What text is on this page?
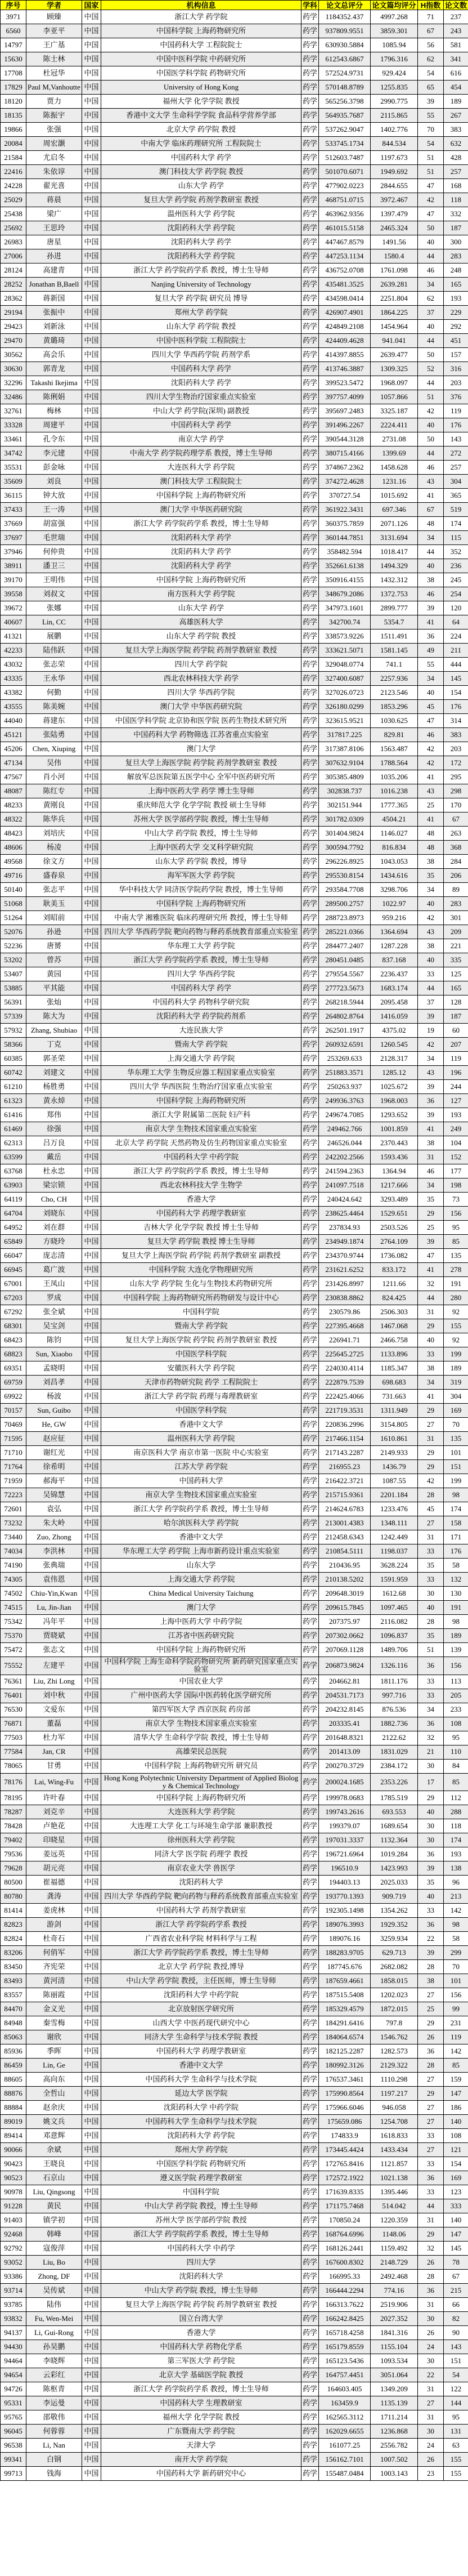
序号	学者	国家	机构信息	学科	论文总评分	论文篇均评分	H指数	论文数
3971	顾臻	中国	浙江大学 药学院	药学	1184352.437	4997.268	71	237
6560	李亚平	中国	中国科学院 上海药物研究所	药学	937809.9551	3859.301	67	243
14797	王广基	中国	中国药科大学 工程院院士	药学	630930.5884	1085.94	56	581
15630	陈士林	中国	中国中医科学院 中药研究所	药学	612543.6867	1796.316	62	341
17708	杜冠华	中国	中国医学科学院 药物研究所	药学	572524.9731	929.424	54	616
17829	Paul M,Vanhoutte	中国	University of Hong Kong	药学	570148.8789	1255.835	65	454
18120	贾力	中国	福州大学 化学学院 教授	药学	565256.3798	2990.775	39	189
18135	陈振宇	中国	香港中文大学 生命科学学院 食品科学营养学部	药学	564935.7687	2115.865	55	267
19866	张强	中国	北京大学 药学院 教授	药学	537262.9047	1402.776	70	383
20084	周宏灏	中国	中南大学 临床药理研究所 工程院院士	药学	533745.1734	844.534	54	632
21584	尤启冬	中国	中国药科大学 药学	药学	512603.7487	1197.673	51	428
22416	朱依谆	中国	澳门科技大学 药学院 教授	药学	501070.6071	1949.692	51	257
24228	翟光喜	中国	山东大学 药学	药学	477902.0223	2844.655	47	168
25029	蒋晨	中国	复旦大学 药学院 药剂学教研室 教授	药学	468751.0715	3972.467	42	118
25438	梁广	中国	温州医科大学 药学院	药学	463962.9356	1397.479	47	332
25692	王思玲	中国	沈阳药科大学 药学院	药学	461015.5158	2465.324	50	187
26983	唐星	中国	沈阳药科大学 药学	药学	447467.8579	1491.56	40	300
27006	孙进	中国	沈阳药科大学 药学院	药学	447253.1134	1580.4	44	283
28124	高建青	中国	浙江大学 药学院药学系 教授，博士生导师	药学	436752.0708	1761.098	46	248
28252	Jonathan B,Baell	中国	Nanjing University of Technology	药学	435481.3525	2639.281	34	165
28362	蒋新国	中国	复旦大学 药学院 研究员 博导	药学	434598.0414	2251.804	62	193
29194	张振中	中国	郑州大学 药学院	药学	426907.4901	1864.225	37	229
29423	刘新泳	中国	山东大学 药学院 教授	药学	424849.2108	1454.964	40	292
29470	黄璐琦	中国	中国中医科学院 工程院院士	药学	424409.4628	941.041	44	451
30562	高会乐	中国	四川大学 华西药学院 药剂学系	药学	414397.8855	2639.477	50	157
30630	郭青龙	中国	中国药科大学 药学	药学	413746.3887	1309.325	52	316
32296	Takashi Ikejima	中国	沈阳药科大学 药学	药学	399523.5472	1968.097	44	203
32486	陈俐娟	中国	四川大学生物治疗国家重点实验室	药学	397757.4099	1057.866	51	376
32761	梅林	中国	中山大学 药学院(深圳) 副教授	药学	395697.2483	3325.187	42	119
33328	周建平	中国	中国药科大学 药学	药学	391496.2267	2224.411	40	176
33461	孔令东	中国	南京大学 药学	药学	390544.3128	2731.08	50	143
34742	李元建	中国	中南大学 药学院药理学系 教授，博士生导师	药学	380715.4166	1399.69	44	272
35531	彭金咏	中国	大连医科大学 药学院	药学	374867.2362	1458.628	46	257
35609	刘良	中国	澳门科技大学 工程院院士	药学	374272.4628	1231.16	43	304
36115	钟大放	中国	中国科学院 上海药物研究所	药学	370727.54	1015.692	41	365
37433	王一涛	中国	澳门大学 中华医药研究院	药学	361922.3431	697.346	67	519
37669	胡富强	中国	浙江大学 药学院药学系 教授，博士生导师	药学	360375.7859	2071.126	48	174
37697	毛世瑞	中国	沈阳药科大学 药学	药学	360144.7851	3131.694	34	115
37946	何仲贵	中国	沈阳药科大学 药学	药学	358482.594	1018.417	44	352
38911	潘卫三	中国	沈阳药科大学 药学	药学	352661.6138	1494.329	40	236
39170	王明伟	中国	中国科学院 上海药物研究所	药学	350916.4155	1432.312	38	245
39558	刘叔文	中国	南方医科大学 药学院	药学	348679.2086	1372.753	46	254
39672	张娜	中国	山东大学 药学	药学	347973.1601	2899.777	39	120
40607	Lin, CC	中国	高雄医科大学	药学	342700.74	5354.7	41	64
41321	展鹏	中国	山东大学 药学院 教授	药学	338573.9226	1511.491	36	224
42233	陆伟跃	中国	复旦大学上海医学院 药学院 药剂学教研室 教授	药学	333621.5071	1581.145	49	211
43032	张志荣	中国	四川大学 药学院	药学	329048.0774	741.1	55	444
43335	王永华	中国	西北农林科技大学 药学	药学	327400.6087	2257.936	34	145
43382	何勤	中国	四川大学 华西药学院	药学	327026.0723	2123.546	40	154
43555	陈美婉	中国	澳门大学 中华医药研究院	药学	326180.0299	1853.296	45	176
44040	蒋建东	中国	中国医学科学院 北京协和医学院 医药生物技术研究所	药学	323615.9521	1030.625	47	314
45121	张陆勇	中国	中国药科大学 药物筛选 江苏省重点实验室	药学	317817.225	829.81	46	383
45206	Chen, Xiuping	中国	澳门大学	药学	317387.8106	1563.487	42	203
47134	吴伟	中国	复旦大学上海医学院 药学院 药剂学教研室 教授	药学	307632.9104	1788.564	42	172
47567	肖小河	中国	解放军总医院第五医学中心 全军中医药研究所	药学	305385.4809	1035.206	41	295
48087	陈红专	中国	上海中医药大学 药学 博士生导师	药学	302838.737	1016.238	43	298
48233	黄刚良	中国	重庆师范大学 化学学院 教授 硕士生导师	药学	302151.944	1777.365	25	170
48322	陈华兵	中国	苏州大学 医学部药学院 教授，博士生导师	药学	301782.0309	4504.21	41	67
48423	刘培庆	中国	中山大学 药学院 教授，博士生导师	药学	301404.9824	1146.027	48	263
48606	杨凌	中国	上海中医药大学 交叉科学研究院	药学	300594.7792	816.834	48	368
49568	徐文方	中国	山东大学 药学院 教授，博导	药学	296226.8925	1043.053	38	284
49716	盛春泉	中国	海军军医大学 药学院	药学	295530.8154	1434.616	35	206
50140	张志平	中国	华中科技大学 同济医学院药学院 教授，博士生导师	药学	293584.7708	3298.706	34	89
51068	耿美玉	中国	中国科学院 上海药物研究所	药学	289500.2757	1022.97	40	283
51264	刘昭前	中国	中南大学 湘雅医院 临床药理研究所 教授，博士生导师	药学	288723.8973	959.216	42	301
52076	孙逊	中国	四川大学 华西药学院 靶向药物与释药系统教育部重点实验室	药学	285221.0366	1364.694	43	209
52236	唐赟	中国	华东理工大学 药学院	药学	284477.2407	1287.228	38	221
53202	曾苏	中国	浙江大学 药学院药学系 教授，博士生导师	药学	280451.0485	837.168	40	335
53407	黄园	中国	四川大学 华西药学院	药学	279554.5567	2236.437	33	125
53885	平其能	中国	中国药科大学 药学	药学	277723.5673	1683.174	44	165
56391	张灿	中国	中国药科大学 药物科学研究院	药学	268218.5944	2095.458	37	128
57339	陈大为	中国	沈阳药科大学 药学院药剂系	药学	264802.8764	1416.059	39	187
57932	Zhang, Shubiao	中国	大连民族大学	药学	262501.1917	4375.02	19	60
58366	丁克	中国	暨南大学 药学院	药学	260932.6591	1260.545	42	207
60385	郭圣荣	中国	上海交通大学 药学院	药学	253269.633	2128.317	34	119
60742	刘建文	中国	华东理工大学 生物反应器工程国家重点实验室	药学	251883.3571	1285.12	43	196
61210	杨胜勇	中国	四川大学 华西医院 生物治疗国家重点实验室	药学	250263.937	1025.672	39	244
61323	黄永焯	中国	中国科学院 上海药物研究所	药学	249936.3763	1968.003	36	127
61416	郑伟	中国	浙江大学 附属第二医院 妇产科	药学	249674.7085	1293.652	39	193
61469	徐强	中国	南京大学 生物技术国家重点实验室	药学	249462.766	1001.859	41	249
62313	吕万良	中国	北京大学 药学院 天然药物及仿生药物国家重点实验室	药学	246526.044	2370.443	38	104
63599	戴岳	中国	中国药科大学 中药学院	药学	242202.2566	1593.436	31	152
63768	杜永忠	中国	浙江大学 药学院药学系 教授，博士生导师	药学	241594.2363	1364.94	46	177
63903	梁宗锁	中国	西北农林科技大学 生物学	药学	241097.7518	1217.666	34	198
64119	Cho, CH	中国	香港大学	药学	240424.642	3293.489	35	73
64704	刘晓东	中国	中国药科大学 药理学教研室	药学	238625.4464	1529.651	29	156
64952	刘在群	中国	吉林大学 化学学院 教授 博士生导师	药学	237834.93	2503.526	25	95
65849	方晓玲	中国	复旦大学 药学院 教授 博士生导师	药学	234949.1874	2764.109	39	85
66047	庞志清	中国	复旦大学上海医学院 药学院 药剂学教研室 副教授	药学	234370.9744	1736.082	47	135
66945	葛广波	中国	中国科学院 大连化学物理研究所	药学	231621.6252	833.172	41	278
67001	王凤山	中国	山东大学 药学院 生化与生物技术药物研究所	药学	231426.8997	1211.66	32	191
67203	罗成	中国	中国科学院 上海药物研究所药物研发与设计中心	药学	230838.8862	824.425	44	280
67292	张全斌	中国	中国科学院	药学	230579.86	2506.303	31	92
68301	吴宝剑	中国	暨南大学 药学院	药学	227395.4668	1467.068	29	155
68423	陈钧	中国	复旦大学上海医学院 药学院 药剂学教研室 教授	药学	226941.71	2466.758	40	92
68823	Sun, Xiaobo	中国	中国医学科学院	药学	225645.2725	1133.896	33	199
69351	孟晓明	中国	安徽医科大学 药学院	药学	224030.4114	1185.347	38	189
69759	刘昌孝	中国	天津市药物研究院 药学 工程院院士	药学	222879.7539	698.683	34	319
69922	杨波	中国	浙江大学 药学院 药理与毒理教研室	药学	222425.4066	731.663	41	304
70157	Sun, Guibo	中国	中国医学科学院	药学	221719.3531	1311.949	29	169
70469	He, GW	中国	香港中文大学	药学	220836.2996	3154.805	27	70
71595	赵应征	中国	温州医科大学 药学院	药学	217466.1154	1610.861	31	135
71710	谢红光	中国	南京医科大学 南京市第一医院 中心实验室	药学	217143.2287	2149.933	29	101
71764	徐希明	中国	江苏大学 药学院	药学	216955.23	1436.79	29	151
71959	郝海平	中国	中国药科大学	药学	216422.3721	1087.55	42	199
72223	吴锦慧	中国	南京大学 生物技术国家重点实验室	药学	215715.9361	2201.184	28	98
72601	袁弘	中国	浙江大学 药学院药学系 教授，博士生导师	药学	214624.6783	1233.476	45	174
73232	朱大岭	中国	哈尔滨医科大学 药学院	药学	213001.4383	1348.111	27	158
73440	Zuo, Zhong	中国	香港中文大学	药学	212458.6343	1242.449	31	171
74034	李洪林	中国	华东理工大学 药学院 上海市新药设计重点实验室	药学	210854.5111	1198.037	33	176
74190	张典瑞	中国	山东大学	药学	210436.95	3628.224	35	58
74305	袁伟恩	中国	上海交通大学 药学院	药学	210138.5202	1591.959	33	132
74502	Chiu-Yin,Kwan	中国	China Medical University Taichung	药学	209648.3019	1612.68	30	130
74515	Lu, Jin-Jian	中国	澳门大学	药学	209615.7845	1097.465	40	191
75342	冯年平	中国	上海中医药大学 中药学院	药学	207375.97	2116.082	28	98
75370	贾晓斌	中国	江苏省中医药研究院	药学	207302.0662	1096.837	35	189
75472	张志文	中国	中国科学院 上海药物研究所	药学	207069.1128	1489.706	51	139
75552	左建平	中国	中国科学院 上海生命科学院药物研究所 新药研究国家重点实验室	药学	206873.9824	1326.116	36	156
76361	Liu, Zhi Long	中国	中国农业大学	药学	204662.81	1811.176	33	113
76401	刘中秋	中国	广州中医药大学 国际中医药转化医学研究所	药学	204531.7173	997.716	33	205
76530	文爱东	中国	第四军医大学 西京医院 药房部	药学	204232.8145	876.536	34	233
76871	董磊	中国	南京大学 生物技术国家重点实验室	药学	203335.41	1882.736	36	108
77503	杜力军	中国	清华大学 生命科学学院 教授，博士生导师	药学	201648.8321	2122.62	32	95
77584	Jan, CR	中国	高雄荣民总医院	药学	201413.09	1831.029	21	110
78065	甘勇	中国	中国科学院 上海药物研究所 研究员	药学	200270.3729	2384.172	30	84
78176	Lai, Wing-Fu	中国	Hong Kong Polytechnic University Department of Applied Biology & Chemical Technology	药学	200024.1685	2353.226	17	85
78195	许叶春	中国	中国科学院 上海药物研究所	药学	199978.0683	1785.519	29	112
78287	刘克辛	中国	大连医科大学 药学院	药学	199743.2616	693.553	40	288
78428	卢艳花	中国	大连理工大学 化工与环境生命学部 兼职教授	药学	199379.07	1689.654	30	118
79402	印晓星	中国	徐州医科大学 药学院	药学	197031.3337	1132.364	30	174
79536	姜远英	中国	同济大学 医学院 药理学 教授	药学	196721.6964	1019.284	36	193
79628	胡元亮	中国	南京农业大学 兽医学	药学	196510.9	1423.993	39	138
80500	崔福德	中国	沈阳药科大学	药学	194403.13	2025.033	35	96
80780	龚涛	中国	四川大学 华西药学院 靶向药物与释药系统教育部重点实验室	药学	193770.1393	909.719	40	213
81414	姜虎林	中国	中国药科大学 药剂学教研室	药学	192305.1498	1354.262	33	142
82823	游剑	中国	浙江大学 药学院药学系 教授	药学	189076.3993	1929.352	36	98
82824	杜奇石	中国	广西省农业科学院 材料科学与工程	药学	189076.16	3259.934	22	58
83206	何俏军	中国	浙江大学 药学院药学系 教授，博士生导师	药学	188283.9705	629.713	39	299
83450	齐宪荣	中国	北京大学 药学院 教授,博导	药学	187745.676	2682.082	28	70
83493	黄河清	中国	中山大学 药学院 教授，主任医师，博士生导师	药学	187659.4661	1858.015	38	101
83557	陈丽霞	中国	沈阳药科大学 中药学院	药学	187515.5408	1202.023	27	156
84470	金义光	中国	北京放射医学研究所	药学	185329.4579	1872.015	25	99
84948	秦雪梅	中国	山西大学 中医药现代研究中心	药学	184291.6416	797.8	29	231
85063	谢欣	中国	同济大学 生命科学与技术学院 教授	药学	184064.6574	1546.762	26	119
85936	季晖	中国	中国药科大学 药理学教研室	药学	182125.2287	1282.573	36	142
86459	Lin, Ge	中国	香港中文大学	药学	180992.3126	2129.322	28	85
88605	高向东	中国	中国药科大学 生命科学与技术学院	药学	176537.3461	1110.298	27	159
88876	全哲山	中国	延边大学 医学院	药学	175990.8564	1197.217	29	147
88884	赵余庆	中国	沈阳药科大学 中药学院	药学	175966.6046	946.058	27	186
89019	姚文兵	中国	中国药科大学 生命科学与技术学院	药学	175659.086	1254.708	27	140
89414	邓意辉	中国	沈阳药科大学 药学院	药学	174833.9	1618.833	33	108
90066	余斌	中国	郑州大学 药学院	药学	173445.4424	1433.434	27	121
90423	王晓良	中国	中国医学科学院 药物研究所	药学	172765.8416	1121.857	33	154
90523	石京山	中国	遵义医学院 药理学教研室	药学	172572.1922	1021.138	36	169
90978	Liu, Qingsong	中国	中国科学院	药学	171639.8335	1395.446	33	123
91228	黄民	中国	中山大学 药学院 教授，博士生导师	药学	171175.7468	514.042	44	333
91403	镇学初	中国	苏州大学 医学部药学院 教授	药学	170850.24	1220.359	31	140
92468	韩峰	中国	浙江大学 药学院药学系 教授，博士生导师	药学	168764.6996	1148.06	29	147
92792	寇俊萍	中国	中国药科大学 中药学	药学	168126.2441	1159.492	32	145
93052	Liu, Bo	中国	四川大学	药学	167600.8302	2148.729	26	78
93386	Zhong, DF	中国	沈阳药科大学	药学	166995.33	2492.468	28	67
93714	吴传斌	中国	中山大学 药学院 教授，博士生导师	药学	166444.2294	774.16	36	215
93785	陆伟	中国	复旦大学上海医学院 药学院 药剂学教研室 教授	药学	166313.7622	2519.906	31	66
93832	Fu, Wen-Mei	中国	国立台湾大学	药学	166242.8425	2027.352	30	82
94137	Li, Gui-Rong	中国	香港大学	药学	165718.4258	1841.316	26	90
94430	孙昊鹏	中国	中国药科大学 药物化学系	药学	165179.8559	1155.104	24	143
94464	李晓辉	中国	第三军医大学 药学院	药学	165123.5436	1093.534	30	151
94654	云彩红	中国	北京大学 基础医学院 教授	药学	164757.4451	3051.064	22	54
94726	陈枢青	中国	浙江大学 药学院药学系 教授，博士生导师	药学	164603.405	1349.209	31	122
95331	李运曼	中国	中国药科大学 生理教研室	药学	163459.9	1135.139	27	144
95765	邵敬伟	中国	福州大学 化学学院 教授	药学	162565.3112	1711.214	31	95
96045	何蓉蓉	中国	广东暨南大学 药学院	药学	162029.6655	1236.868	30	131
96538	Li, Nan	中国	天津大学	药学	161077.25	2556.782	24	63
99341	白钢	中国	南开大学 药学院	药学	156162.7101	1007.502	26	155
99713	钱海	中国	中国药科大学 新药研究中心	药学	155487.0484	1003.143	23	155
